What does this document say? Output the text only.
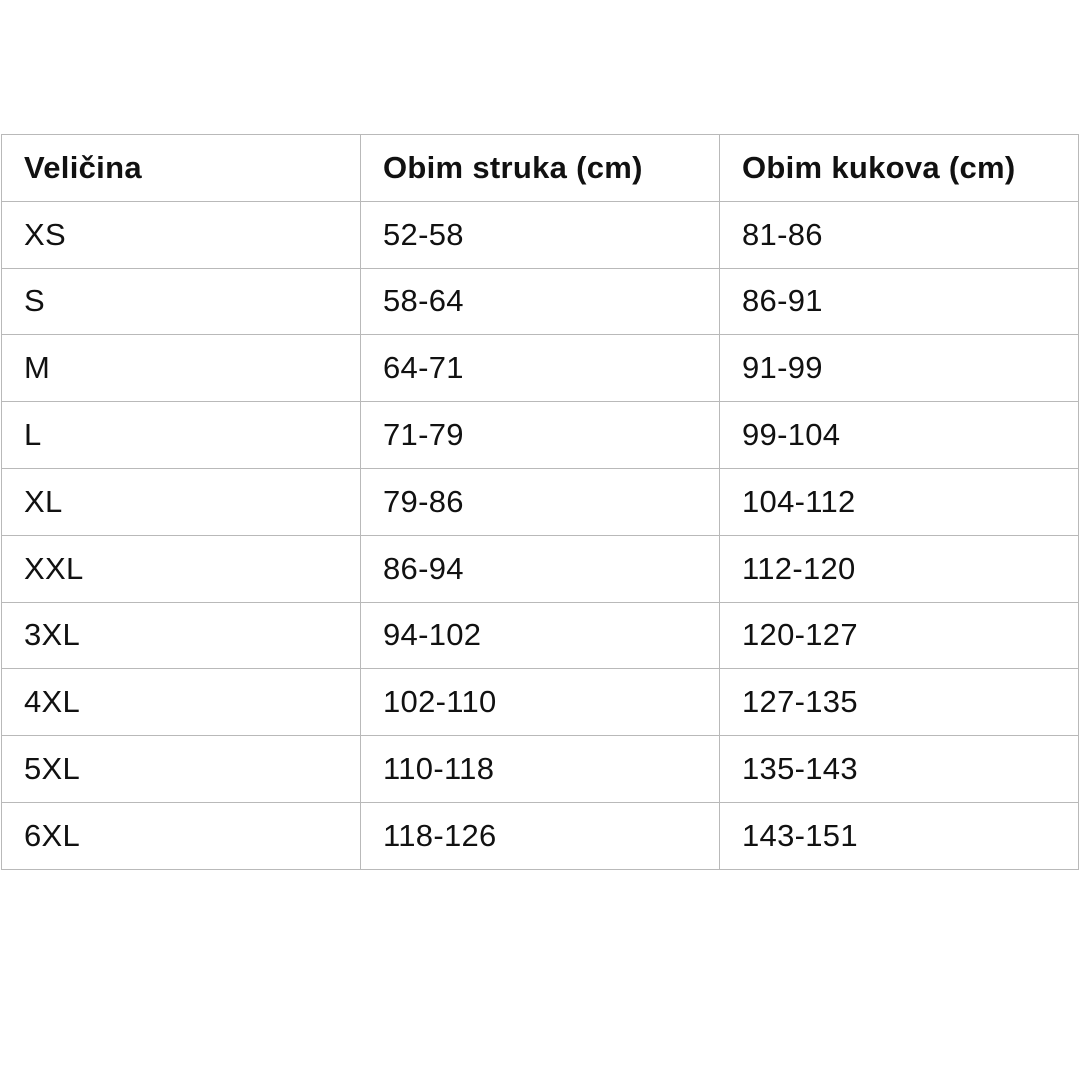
Veličina	Obim struka (cm)	Obim kukova (cm)
XS	52-58	81-86
S	58-64	86-91
M	64-71	91-99
L	71-79	99-104
XL	79-86	104-112
XXL	86-94	112-120
3XL	94-102	120-127
4XL	102-110	127-135
5XL	110-118	135-143
6XL	118-126	143-151
